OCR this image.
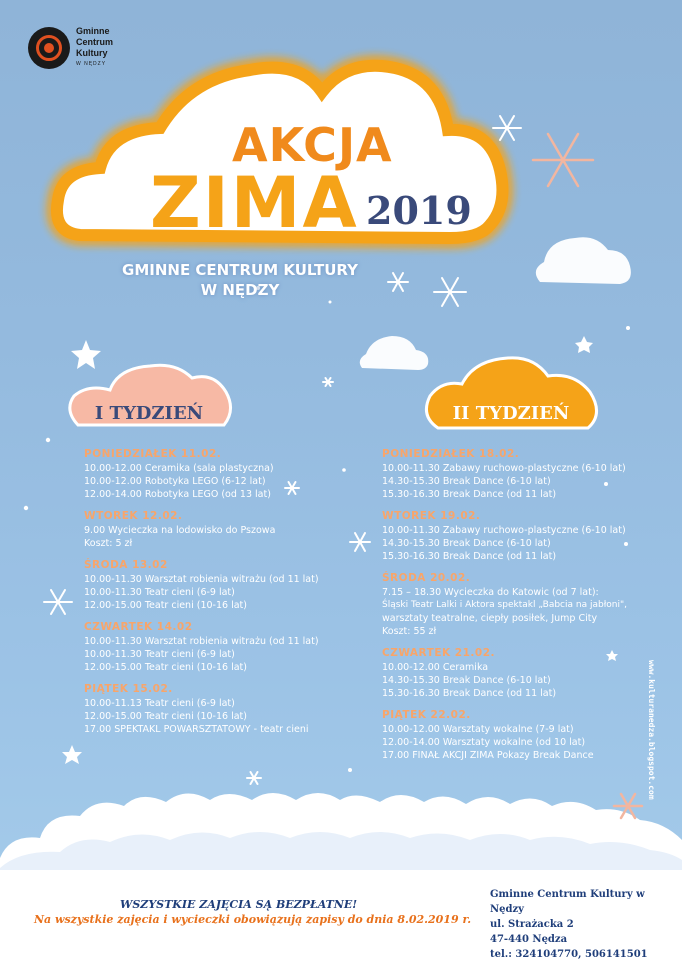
Gminne
Centrum
Kultury
W NĘDZY
AKCJA
ZIMA 2019
GMINNE CENTRUM KULTURY
W NĘDZY
I TYDZIEŃ	II TYDZIEŃ
PONIEDZIAŁEK 11.02.
10.00-12.00 Ceramika (sala plastyczna)
10.00-12.00 Robotyka LEGO (6-12 lat)
12.00-14.00 Robotyka LEGO (od 13 lat)
WTOREK 12.02.
9.00 Wycieczka na lodowisko do Pszowa
Koszt: 5 zł
ŚRODA 13.02
10.00-11.30 Warsztat robienia witrażu (od 11 lat)
10.00-11.30 Teatr cieni (6-9 lat)
12.00-15.00 Teatr cieni (10-16 lat)
CZWARTEK 14.02
10.00-11.30 Warsztat robienia witrażu (od 11 lat)
10.00-11.30 Teatr cieni (6-9 lat)
12.00-15.00 Teatr cieni (10-16 lat)
PIĄTEK 15.02.
10.00-11.13 Teatr cieni (6-9 lat)
12.00-15.00 Teatr cieni (10-16 lat)
17.00 SPEKTAKL POWARSZTATOWY - teatr cieni
PONIEDZIAŁEK 18.02.
10.00-11.30 Zabawy ruchowo-plastyczne (6-10 lat)
14.30-15.30 Break Dance (6-10 lat)
15.30-16.30 Break Dance (od 11 lat)
WTOREK 19.02.
10.00-11.30 Zabawy ruchowo-plastyczne (6-10 lat)
14.30-15.30 Break Dance (6-10 lat)
15.30-16.30 Break Dance (od 11 lat)
ŚRODA 20.02.
7.15 – 18.30 Wycieczka do Katowic (od 7 lat):
Śląski Teatr Lalki i Aktora spektakl „Babcia na jabłoni",
warsztaty teatralne, ciepły posiłek, Jump City
Koszt: 55 zł
CZWARTEK 21.02.
10.00-12.00 Ceramika
14.30-15.30 Break Dance (6-10 lat)
15.30-16.30 Break Dance (od 11 lat)
PIĄTEK 22.02.
10.00-12.00 Warsztaty wokalne (7-9 lat)
12.00-14.00 Warsztaty wokalne (od 10 lat)
17.00 FINAŁ AKCJI ZIMA Pokazy Break Dance	www.kulturanedza.blogspot.com
WSZYSTKIE ZAJĘCIA SĄ BEZPŁATNE!
Na wszystkie zajęcia i wycieczki obowiązują zapisy do dnia 8.02.2019 r.
Gminne Centrum Kultury w Nędzy
ul. Strażacka 2
47-440 Nędza
tel.: 324104770, 506141501
